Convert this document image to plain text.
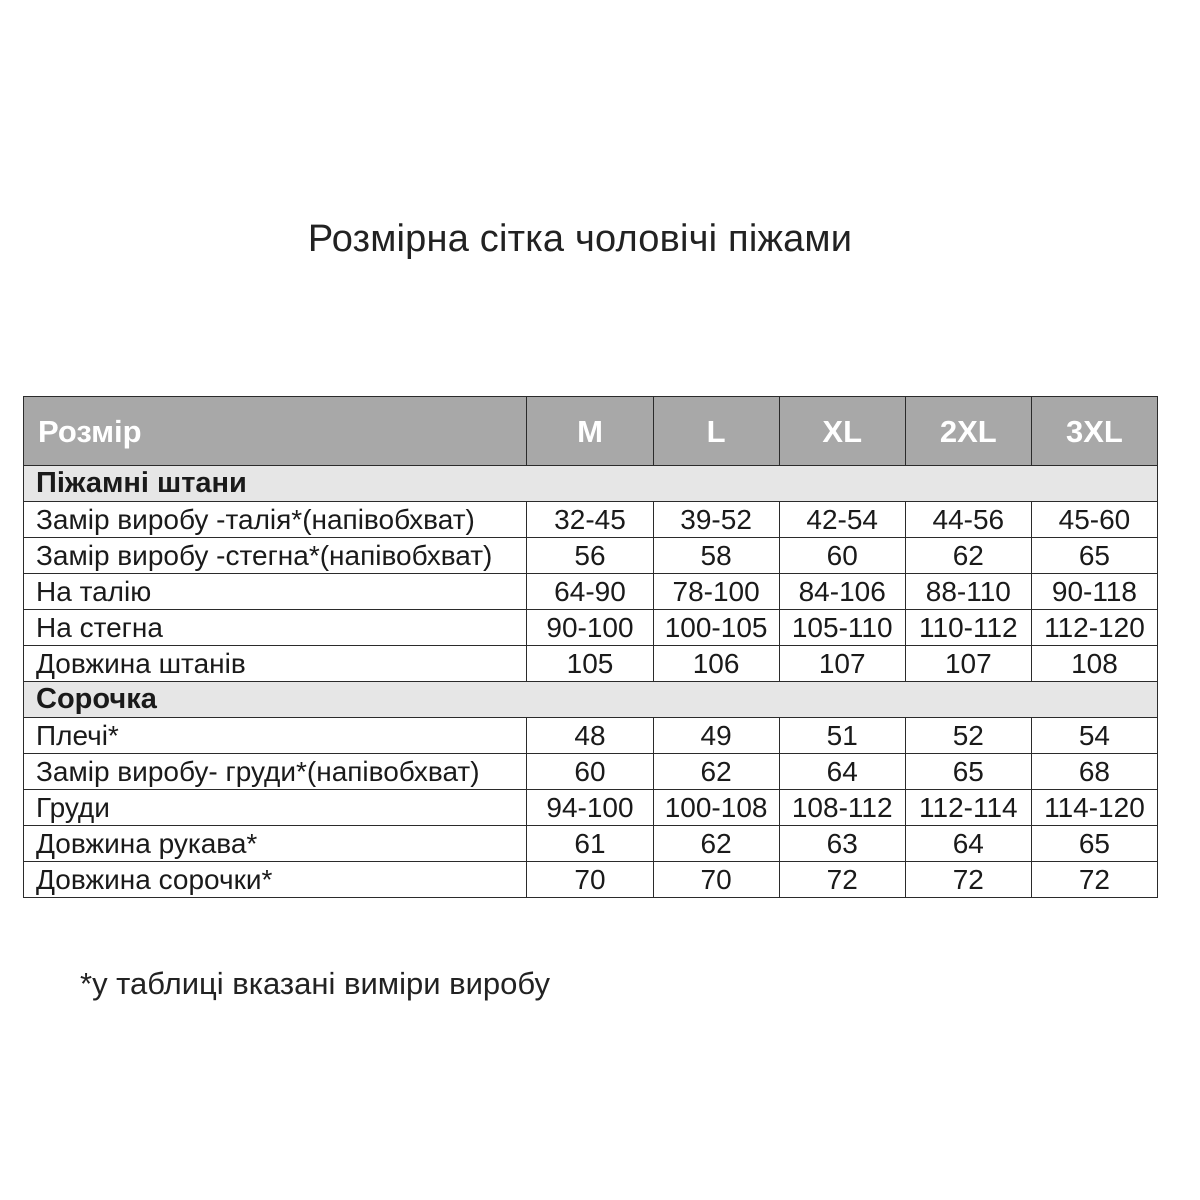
Розмірна сітка чоловічі піжами
Розмір	M	L	XL	2XL	3XL
Піжамні штани					
Замір виробу -талія*(напівобхват)	32-45	39-52	42-54	44-56	45-60
Замір виробу -стегна*(напівобхват)	56	58	60	62	65
На талію	64-90	78-100	84-106	88-110	90-118
На стегна	90-100	100-105	105-110	110-112	112-120
Довжина штанів	105	106	107	107	108
Сорочка					
Плечі*	48	49	51	52	54
Замір виробу- груди*(напівобхват)	60	62	64	65	68
Груди	94-100	100-108	108-112	112-114	114-120
Довжина рукава*	61	62	63	64	65
Довжина сорочки*	70	70	72	72	72
*у таблиці вказані виміри виробу
